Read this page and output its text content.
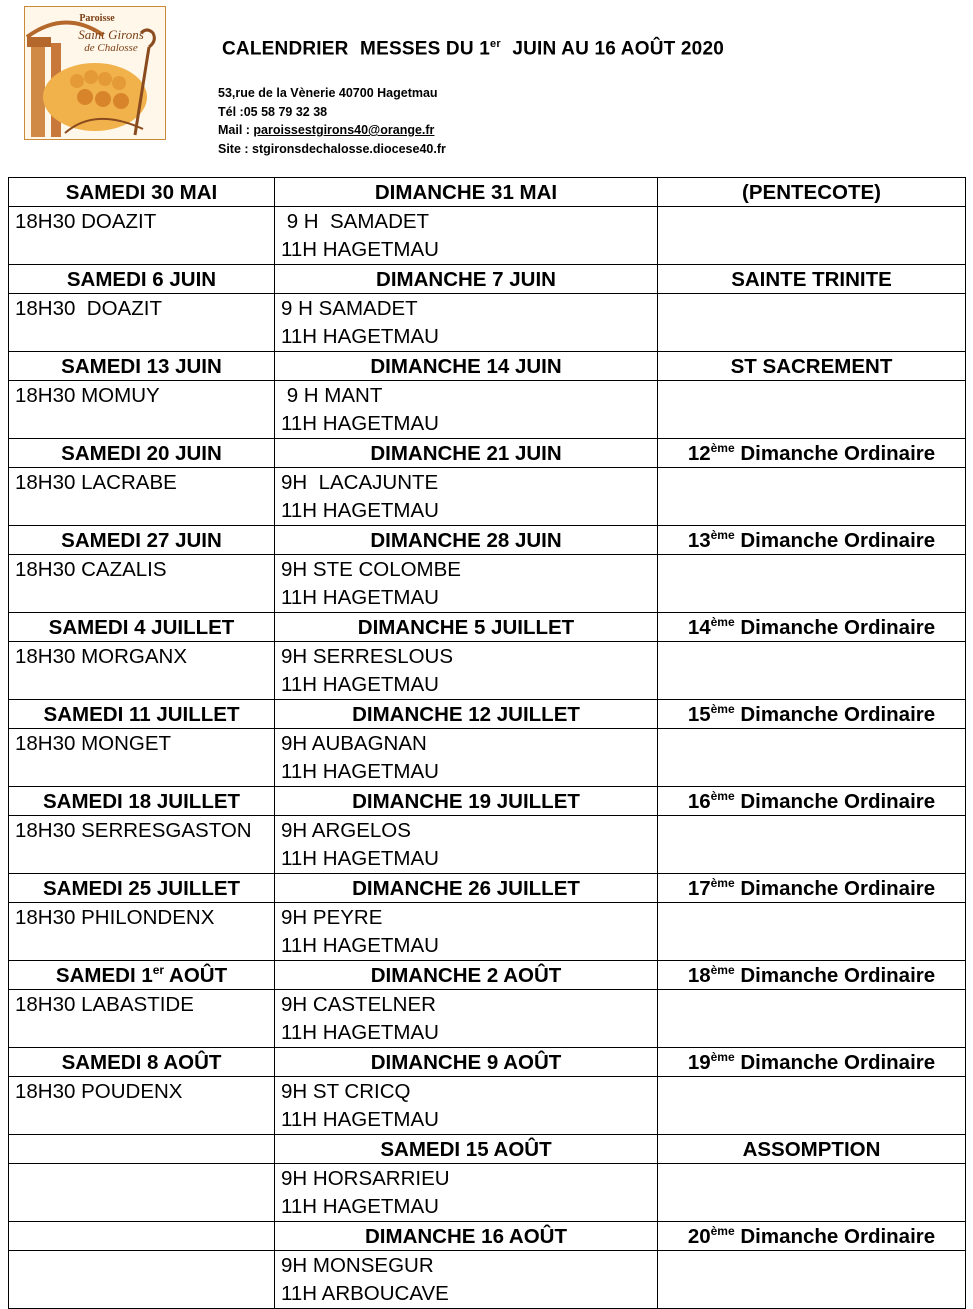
Paroisse
Saint Girons
de Chalosse	CALENDRIER MESSES DU 1er JUIN AU 16 AOÛT 2020
53,rue de la Vènerie 40700 Hagetmau
Tél :05 58 79 32 38
Mail : paroissestgirons40@orange.fr
Site : stgironsdechalosse.diocese40.fr
SAMEDI 30 MAI	DIMANCHE 31 MAI	(PENTECOTE)

18H30 DOAZIT	9 H  SAMADET
11H HAGETMAU	

SAMEDI 6 JUIN	DIMANCHE 7 JUIN	SAINTE TRINITE

18H30  DOAZIT	9 H SAMADET
11H HAGETMAU	

SAMEDI 13 JUIN	DIMANCHE 14 JUIN	ST SACREMENT

18H30 MOMUY	9 H MANT
11H HAGETMAU	

SAMEDI 20 JUIN	DIMANCHE 21 JUIN	12ème Dimanche Ordinaire

18H30 LACRABE	9H  LACAJUNTE
11H HAGETMAU	

SAMEDI 27 JUIN	DIMANCHE 28 JUIN	13ème Dimanche Ordinaire

18H30 CAZALIS	9H STE COLOMBE
11H HAGETMAU	

SAMEDI 4 JUILLET	DIMANCHE 5 JUILLET	14ème Dimanche Ordinaire

18H30 MORGANX	9H SERRESLOUS
11H HAGETMAU	

SAMEDI 11 JUILLET	DIMANCHE 12 JUILLET	15ème Dimanche Ordinaire

18H30 MONGET	9H AUBAGNAN
11H HAGETMAU	

SAMEDI 18 JUILLET	DIMANCHE 19 JUILLET	16ème Dimanche Ordinaire

18H30 SERRESGASTON	9H ARGELOS
11H HAGETMAU	

SAMEDI 25 JUILLET	DIMANCHE 26 JUILLET	17ème Dimanche Ordinaire

18H30 PHILONDENX	9H PEYRE
11H HAGETMAU	

SAMEDI 1er AOÛT	DIMANCHE 2 AOÛT	18ème Dimanche Ordinaire

18H30 LABASTIDE	9H CASTELNER
11H HAGETMAU	

SAMEDI 8 AOÛT	DIMANCHE 9 AOÛT	19ème Dimanche Ordinaire

18H30 POUDENX	9H ST CRICQ
11H HAGETMAU	

	SAMEDI 15 AOÛT	ASSOMPTION

	9H HORSARRIEU
11H HAGETMAU	

	DIMANCHE 16 AOÛT	20ème Dimanche Ordinaire

	9H MONSEGUR
11H ARBOUCAVE	
